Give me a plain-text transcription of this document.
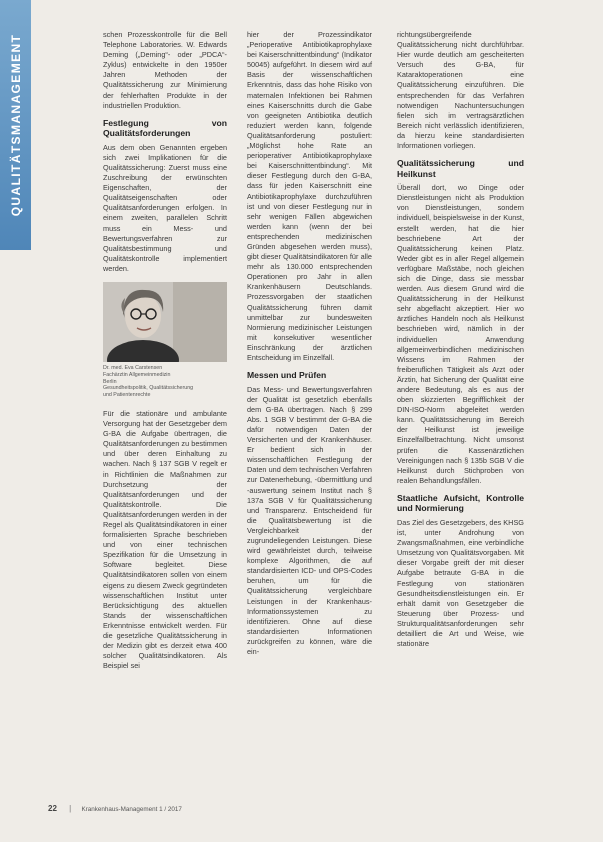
QUALITÄTSMANAGEMENT	schen Prozesskontrolle für die Bell Telephone Laboratories. W. Edwards Deming („Deming“- oder „PDCA“-Zyklus) entwickelte in den 1950er Jahren Methoden der Qualitätssicherung zur Minimierung der fehlerhaften Produkte in der industriellen Produktion.

Festlegung von Qualitätsforderungen

Aus dem oben Genannten ergeben sich zwei Implikationen für die Qualitätssicherung: Zuerst muss eine Zuschreibung der erwünschten Eigenschaften, der Qualitätseigenschaften oder Qualitätsanforderungen erfolgen. In einem zweiten, parallelen Schritt muss ein Mess- und Bewertungsverfahren zur Qualitätsbestimmung und Qualitätskontrolle implementiert werden.

Dr. med. Eva Carstensen
Fachärztin Allgemeinmedizin
Berlin
Gesundheitspolitik, Qualitätssicherung
und Patientenrechte

Für die stationäre und ambulante Versorgung hat der Gesetzgeber dem G-BA die Aufgabe übertragen, die Qualitätsanforderungen zu bestimmen und über deren Einhaltung zu wachen. Nach § 137 SGB V regelt er in Richtlinien die Maßnahmen zur Durchsetzung der Qualitätsanforderungen und der Qualitätskontrolle. Die Qualitätsanforderungen werden in der Regel als Qualitätsindikatoren in einer formalisierten Sprache beschrieben und von einer technischen Spezifikation für die Umsetzung in Software begleitet. Diese Qualitätsindikatoren sollen von einem eigens zu diesem Zweck gegründeten wissenschaftlichen Institut unter Berücksichtigung des aktuellen Stands der wissenschaftlichen Erkenntnisse entwickelt werden. Für die gesetzliche Qualitätssicherung in der Medizin gibt es derzeit etwa 400 solcher Qualitätsindikatoren. Als Beispiel sei

hier der Prozessindikator „Perioperative Antibiotikaprophylaxe bei Kaiserschnittentbindung“ (Indikator 50045) aufgeführt. In diesem wird auf Basis der wissenschaftlichen Erkenntnis, dass das hohe Risiko von maternalen Infektionen bei Rahmen eines Kaiserschnitts durch die Gabe von geeigneten Antibiotika deutlich reduziert werden kann, folgende Qualitätsanforderung postuliert: „Möglichst hohe Rate an perioperativer Antibiotikaprophylaxe bei Kaiserschnittentbindung“. Mit dieser Festlegung durch den G-BA, dass für jeden Kaiserschnitt eine Antibiotikaprophylaxe durchzuführen ist und von dieser Festlegung nur in sehr wenigen Fällen abgewichen werden kann (wenn der bei entsprechenden medizinischen Gründen abgesehen werden muss), gibt dieser Qualitätsindikatoren für alle mehr als 130.000 entsprechenden Operationen pro Jahr in allen Krankenhäusern Deutschlands. Prozessvorgaben der staatlichen Qualitätssicherung führen damit unmittelbar zur bundesweiten Normierung medizinischer Leistungen mit konsekutiver wesentlicher Einschränkung der ärztlichen Entscheidung im Einzelfall.

Messen und Prüfen

Das Mess- und Bewertungsverfahren der Qualität ist gesetzlich ebenfalls dem G-BA übertragen. Nach § 299 Abs. 1 SGB V bestimmt der G-BA die dafür notwendigen Daten der Versicherten und der Krankenhäuser. Er bedient sich in der wissenschaftlichen Festlegung der Daten und dem technischen Verfahren zur Datenerhebung, -übermittlung und -auswertung seinem Institut nach § 137a SGB V für Qualitätssicherung und Transparenz. Entscheidend für die Qualitätsbewertung ist die Vergleichbarkeit der zugrundeliegenden Leistungen. Diese wird gewährleistet durch, teilweise komplexe Algorithmen, die auf standardisierten ICD- und OPS-Codes beruhen, um für die Qualitätssicherung vergleichbare Leistungen in der Krankenhaus-Informationssystemen zu identifizieren. Ohne auf diese standardisierten Informationen zurückgreifen zu können, wäre die ein-

richtungsübergreifende Qualitätssicherung nicht durchführbar. Hier wurde deutlich am gescheiterten Versuch des G-BA, für Kataraktoperationen eine Qualitätssicherung einzuführen. Die entsprechenden für das Verfahren notwendigen Nachuntersuchungen fielen sich im vertragsärztlichen Bereich nicht verlässlich identifizieren, da hierzu keine standardisierten Informationen vorliegen.

Qualitätssicherung und Heilkunst

Überall dort, wo Dinge oder Dienstleistungen nicht als Produktion von Dienstleistungen, sondern individuell, beispielsweise in der Kunst, erstellt werden, hat die hier beschriebene Art der Qualitätssicherung keinen Platz. Weder gibt es in aller Regel allgemein verfügbare Maßstäbe, noch gleichen sich die Dinge, dass sie messbar werden. Aus diesem Grund wird die Qualitätssicherung in der Heilkunst sehr abgeflacht akzeptiert. Hier wo ärztliches Handeln noch als Heilkunst beschrieben wird, nämlich in der individuellen Anwendung allgemeinverbindlichen medizinischen Wissens im Rahmen der freiberuflichen Tätigkeit als Arzt oder Ärztin, hat Sicherung der Qualität eine andere Bedeutung, als es aus der oben skizzierten Begrifflichkeit der DIN-ISO-Norm abgeleitet werden kann. Qualitätssicherung im Bereich der Heilkunst ist jeweilige Einzelfallbetrachtung. Nicht umsonst prüfen die Kassenärztlichen Vereinigungen nach § 135b SGB V die Heilkunst durch Stichproben von realen Behandlungsfällen.

Staatliche Aufsicht, Kontrolle und Normierung

Das Ziel des Gesetzgebers, des KHSG ist, unter Androhung von Zwangsmaßnahmen, eine verbindliche Umsetzung von Qualitätsvorgaben. Mit dieser Vorgabe greift der mit dieser Aufgabe betraute G-BA in die Festlegung von stationären Gesundheitsdienstleistungen ein. Er erhält damit von Gesetzgeber die Steuerung über Prozess- und Strukturqualitätsanforderungen sehr detailliert die Art und Weise, wie stationäre

22 | Krankenhaus-Management 1 / 2017
